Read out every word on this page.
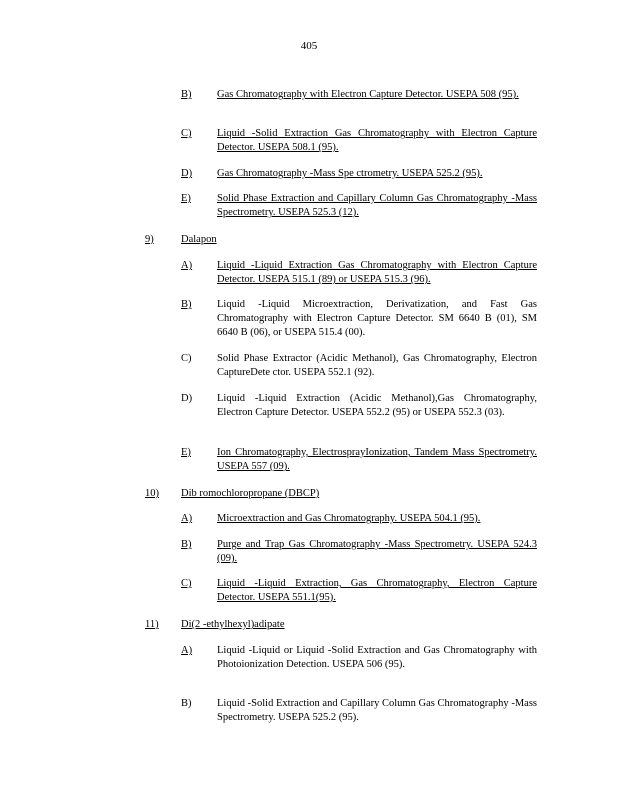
405
B) Gas Chromatography with Electron Capture Detector. USEPA 508 (95).
C) Liquid -Solid Extraction Gas Chromatography with Electron Capture Detector. USEPA 508.1 (95).
D) Gas Chromatography -Mass Spe ctrometry. USEPA 525.2 (95).
E) Solid Phase Extraction and Capillary Column Gas Chromatography -Mass Spectrometry. USEPA 525.3 (12).
9)	Dalapon
A) Liquid -Liquid Extraction Gas Chromatography with Electron Capture Detector. USEPA 515.1 (89) or USEPA 515.3 (96).
B) Liquid -Liquid Microextraction, Derivatization, and Fast Gas Chromatography with Electron Capture Detector. SM 6640 B (01), SM 6640 B (06), or USEPA 515.4 (00).
C) Solid Phase Extractor (Acidic Methanol), Gas Chromatography, Electron CaptureDete ctor. USEPA 552.1 (92).
D) Liquid -Liquid Extraction (Acidic Methanol),Gas Chromatography, Electron Capture Detector. USEPA 552.2 (95) or USEPA 552.3 (03).
E) Ion Chromatography, ElectrosprayIonization, Tandem Mass Spectrometry. USEPA 557 (09).
10) Dib romochloropropane (DBCP)
A) Microextraction and Gas Chromatography. USEPA 504.1 (95).
B) Purge and Trap Gas Chromatography -Mass Spectrometry. USEPA 524.3 (09).
C) Liquid -Liquid Extraction, Gas Chromatography, Electron Capture Detector. USEPA 551.1(95).
11) Di(2 -ethylhexyl)adipate
A) Liquid -Liquid or Liquid -Solid Extraction and Gas Chromatography with Photoionization Detection. USEPA 506 (95).
B) Liquid -Solid Extraction and Capillary Column Gas Chromatography -Mass Spectrometry. USEPA 525.2 (95).
